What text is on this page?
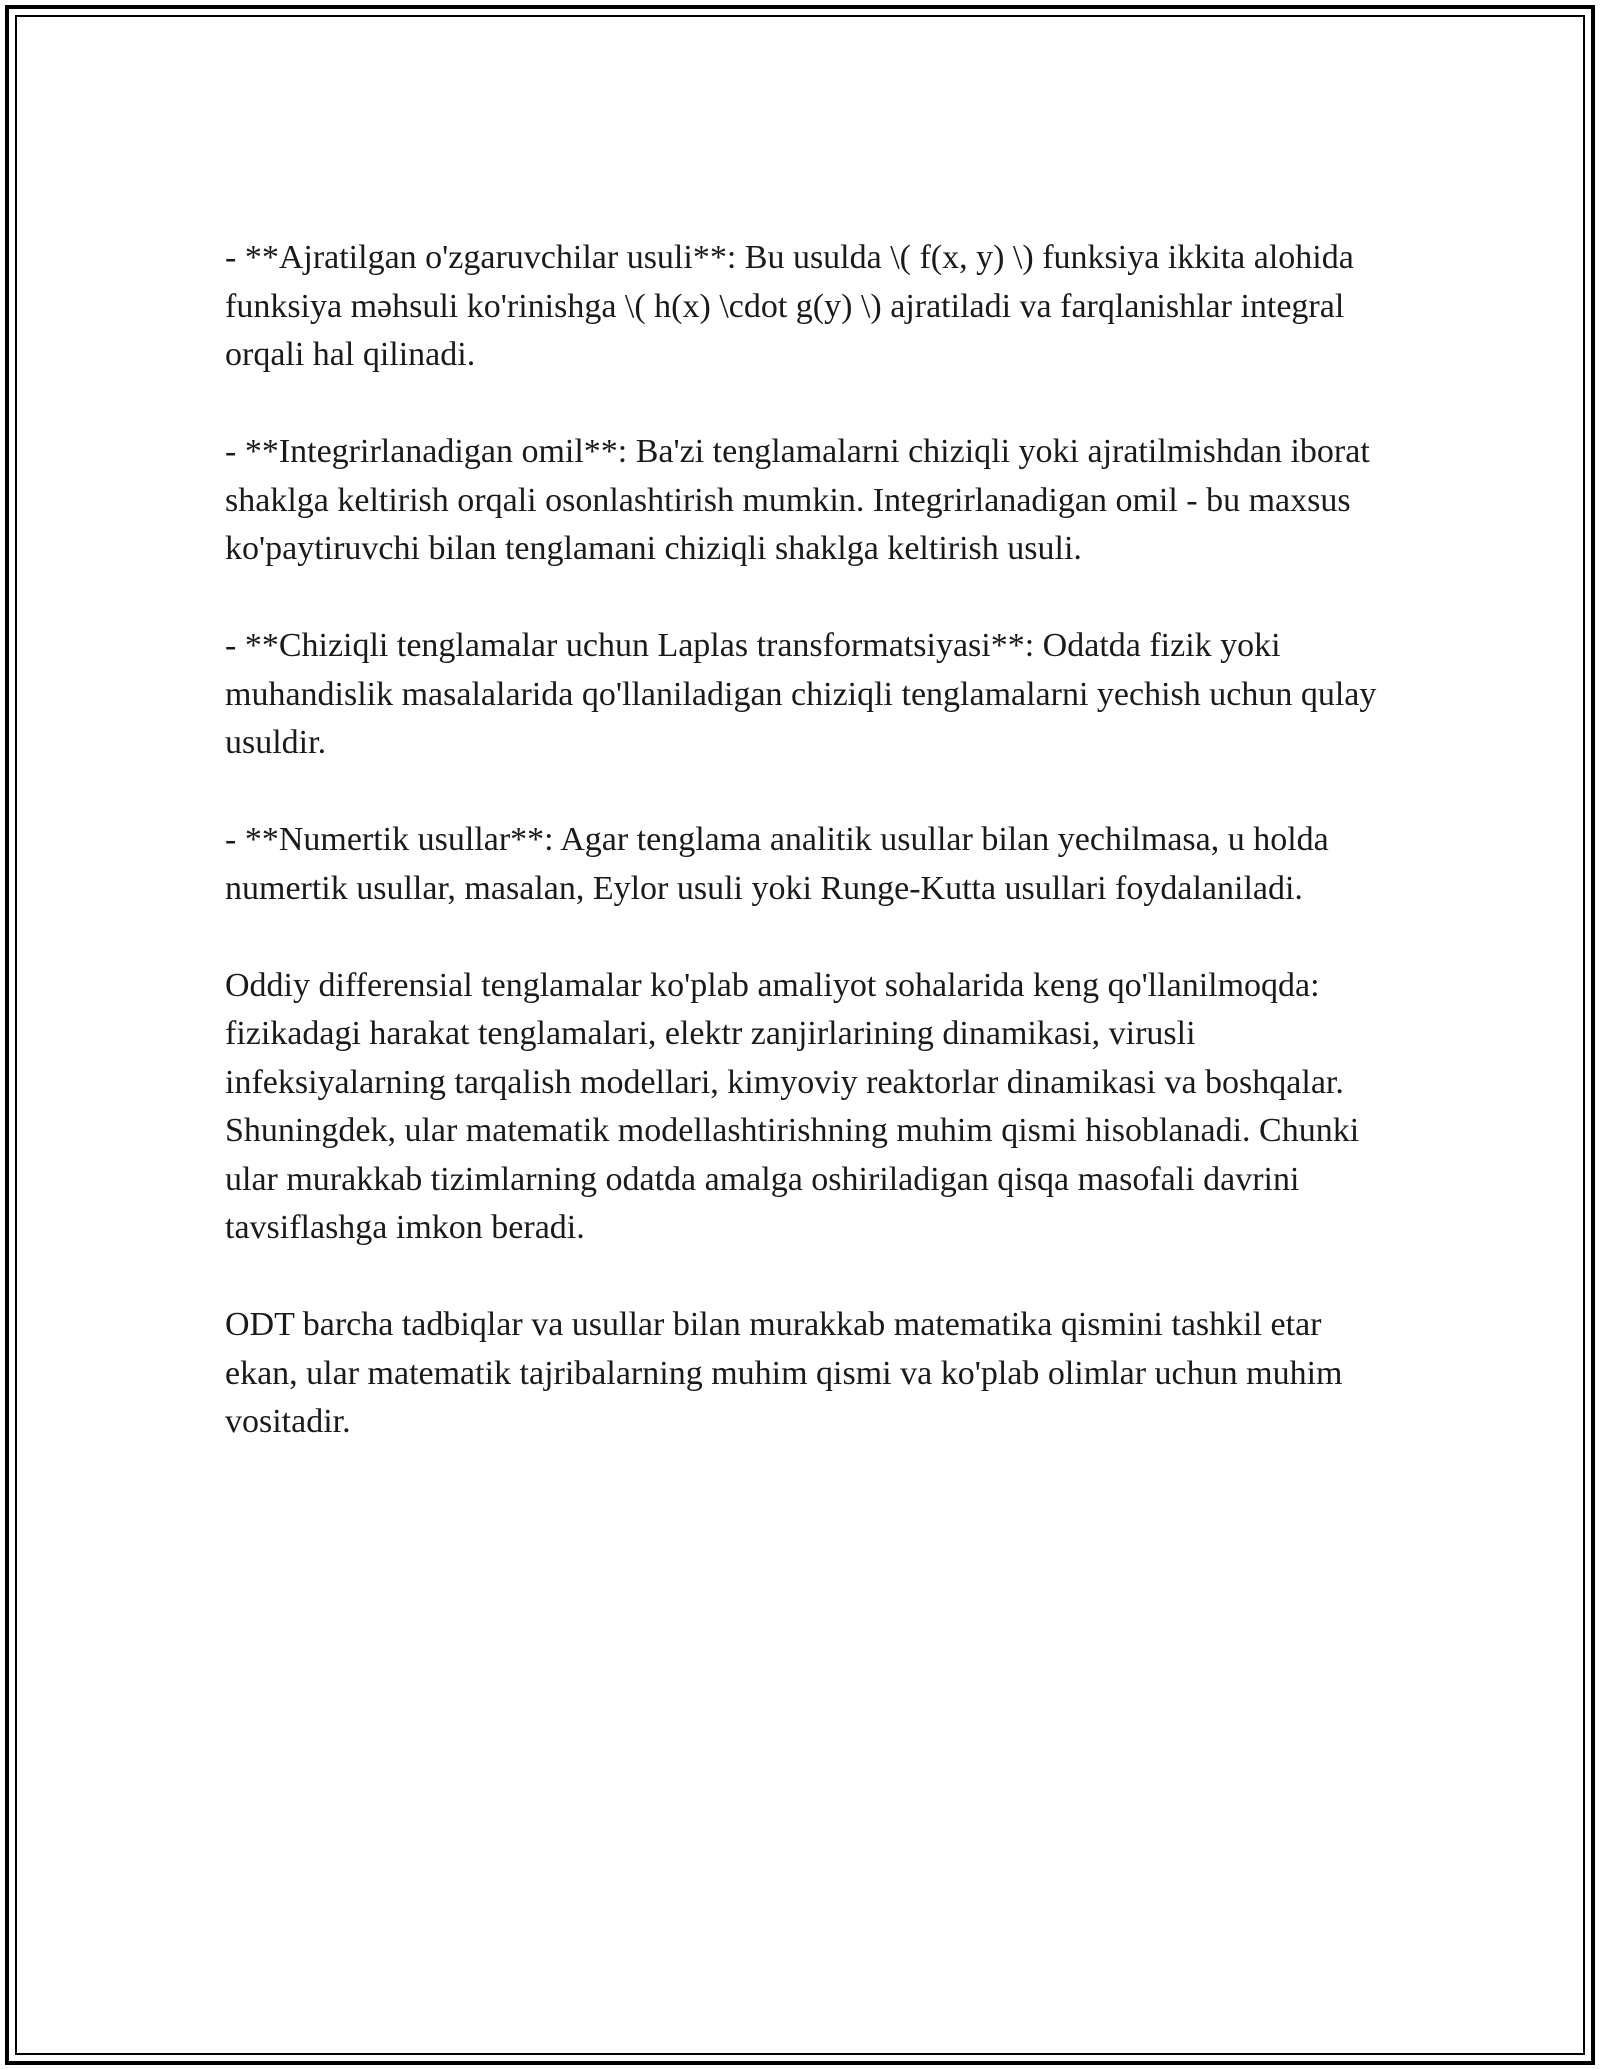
- **Ajratilgan o'zgaruvchilar usuli**: Bu usulda \( f(x, y) \) funksiya ikkita alohida funksiya məhsuli ko'rinishga \( h(x) \cdot g(y) \) ajratiladi va farqlanishlar integral orqali hal qilinadi.

- **Integrirlanadigan omil**: Ba'zi tenglamalarni chiziqli yoki ajratilmishdan iborat shaklga keltirish orqali osonlashtirish mumkin. Integrirlanadigan omil - bu maxsus ko'paytiruvchi bilan tenglamani chiziqli shaklga keltirish usuli.

- **Chiziqli tenglamalar uchun Laplas transformatsiyasi**: Odatda fizik yoki muhandislik masalalarida qo'llaniladigan chiziqli tenglamalarni yechish uchun qulay usuldir.

- **Numertik usullar**: Agar tenglama analitik usullar bilan yechilmasa, u holda numertik usullar, masalan, Eylor usuli yoki Runge-Kutta usullari foydalaniladi.

Oddiy differensial tenglamalar ko'plab amaliyot sohalarida keng qo'llanilmoqda: fizikadagi harakat tenglamalari, elektr zanjirlarining dinamikasi, virusli infeksiyalarning tarqalish modellari, kimyoviy reaktorlar dinamikasi va boshqalar. Shuningdek, ular matematik modellashtirishning muhim qismi hisoblanadi. Chunki ular murakkab tizimlarning odatda amalga oshiriladigan qisqa masofali davrini tavsiflashga imkon beradi.

ODT barcha tadbiqlar va usullar bilan murakkab matematika qismini tashkil etar ekan, ular matematik tajribalarning muhim qismi va ko'plab olimlar uchun muhim vositadir.
